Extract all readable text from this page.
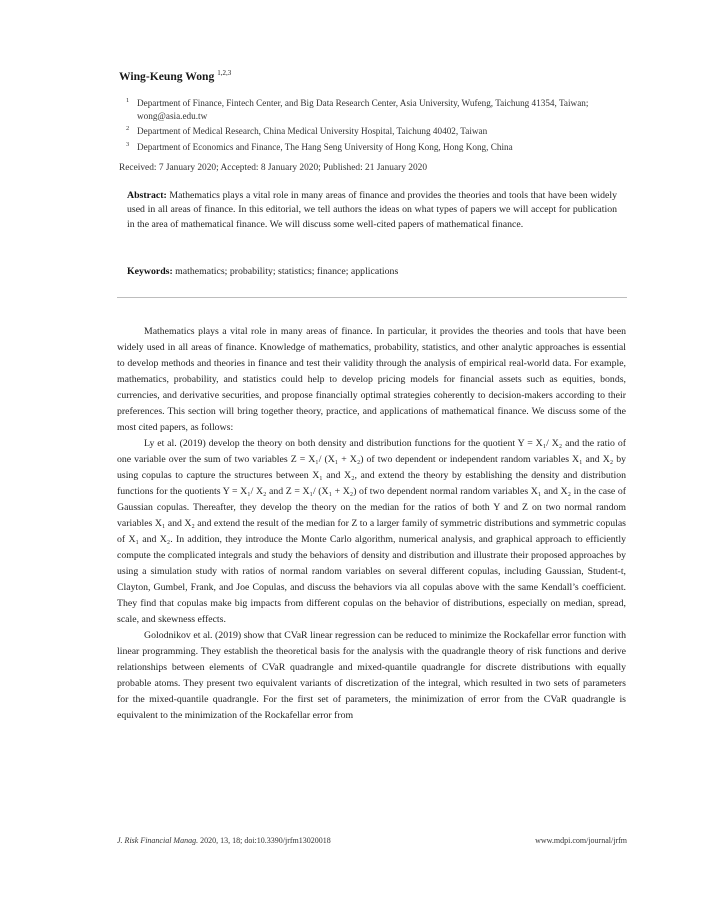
Wing-Keung Wong $^{1,2,3}$
1 Department of Finance, Fintech Center, and Big Data Research Center, Asia University, Wufeng, Taichung 41354, Taiwan; wong@asia.edu.tw
2 Department of Medical Research, China Medical University Hospital, Taichung 40402, Taiwan
3 Department of Economics and Finance, The Hang Seng University of Hong Kong, Hong Kong, China
Received: 7 January 2020; Accepted: 8 January 2020; Published: 21 January 2020
Abstract: Mathematics plays a vital role in many areas of finance and provides the theories and tools that have been widely used in all areas of finance. In this editorial, we tell authors the ideas on what types of papers we will accept for publication in the area of mathematical finance. We will discuss some well-cited papers of mathematical finance.
Keywords: mathematics; probability; statistics; finance; applications

Mathematics plays a vital role in many areas of finance. In particular, it provides the theories and tools that have been widely used in all areas of finance. Knowledge of mathematics, probability, statistics, and other analytic approaches is essential to develop methods and theories in finance and test their validity through the analysis of empirical real-world data. For example, mathematics, probability, and statistics could help to develop pricing models for financial assets such as equities, bonds, currencies, and derivative securities, and propose financially optimal strategies coherently to decision-makers according to their preferences. This section will bring together theory, practice, and applications of mathematical finance. We discuss some of the most cited papers, as follows:

Ly et al. (2019) develop the theory on both density and distribution functions for the quotient Y = X₁/ X₂ and the ratio of one variable over the sum of two variables Z = X₁/ (X₁ + X₂) of two dependent or independent random variables X₁ and X₂ by using copulas to capture the structures between X₁ and X₂, and extend the theory by establishing the density and distribution functions for the quotients Y = X₁/ X₂ and Z = X₁/ (X₁ + X₂) of two dependent normal random variables X₁ and X₂ in the case of Gaussian copulas. Thereafter, they develop the theory on the median for the ratios of both Y and Z on two normal random variables X₁ and X₂ and extend the result of the median for Z to a larger family of symmetric distributions and symmetric copulas of X₁ and X₂. In addition, they introduce the Monte Carlo algorithm, numerical analysis, and graphical approach to efficiently compute the complicated integrals and study the behaviors of density and distribution and illustrate their proposed approaches by using a simulation study with ratios of normal random variables on several different copulas, including Gaussian, Student-t, Clayton, Gumbel, Frank, and Joe Copulas, and discuss the behaviors via all copulas above with the same Kendall’s coefficient. They find that copulas make big impacts from different copulas on the behavior of distributions, especially on median, spread, scale, and skewness effects.

Golodnikov et al. (2019) show that CVaR linear regression can be reduced to minimize the Rockafellar error function with linear programming. They establish the theoretical basis for the analysis with the quadrangle theory of risk functions and derive relationships between elements of CVaR quadrangle and mixed-quantile quadrangle for discrete distributions with equally probable atoms. They present two equivalent variants of discretization of the integral, which resulted in two sets of parameters for the mixed-quantile quadrangle. For the first set of parameters, the minimization of error from the CVaR quadrangle is equivalent to the minimization of the Rockafellar error from

J. Risk Financial Manag. 2020, 13, 18; doi:10.3390/jrfm13020018	www.mdpi.com/journal/jrfm
